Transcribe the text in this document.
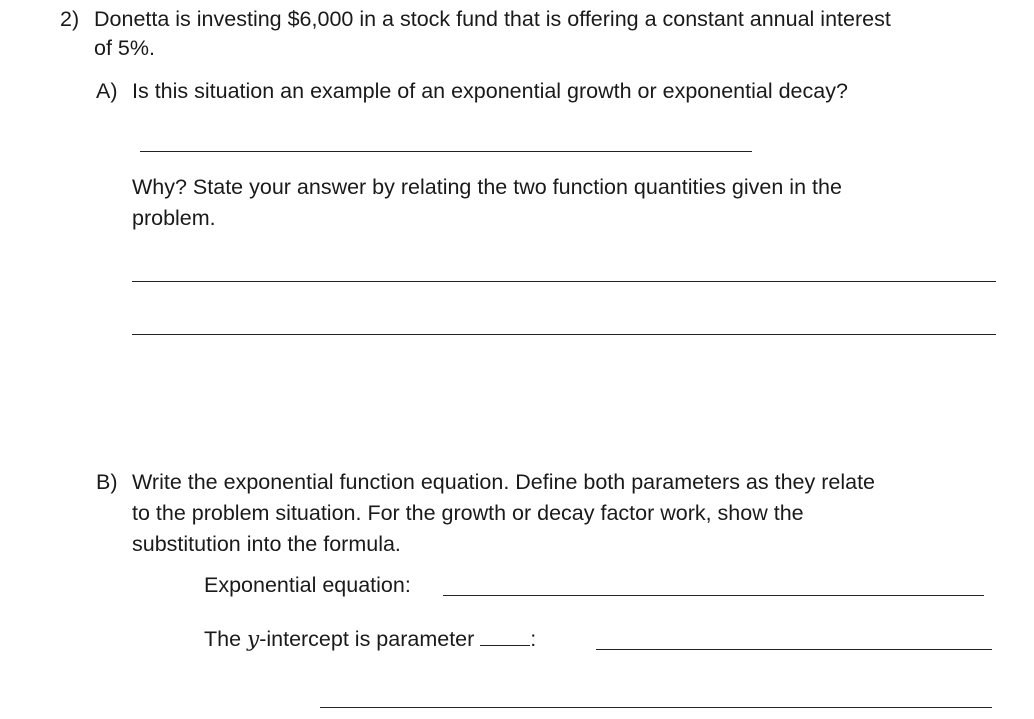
2) Donetta is investing $6,000 in a stock fund that is offering a constant annual interest
of 5%.
A) Is this situation an example of an exponential growth or exponential decay?
Why? State your answer by relating the two function quantities given in the
problem.
B) Write the exponential function equation. Define both parameters as they relate
to the problem situation. For the growth or decay factor work, show the
substitution into the formula.
Exponential equation:
The y-intercept is parameter	:
